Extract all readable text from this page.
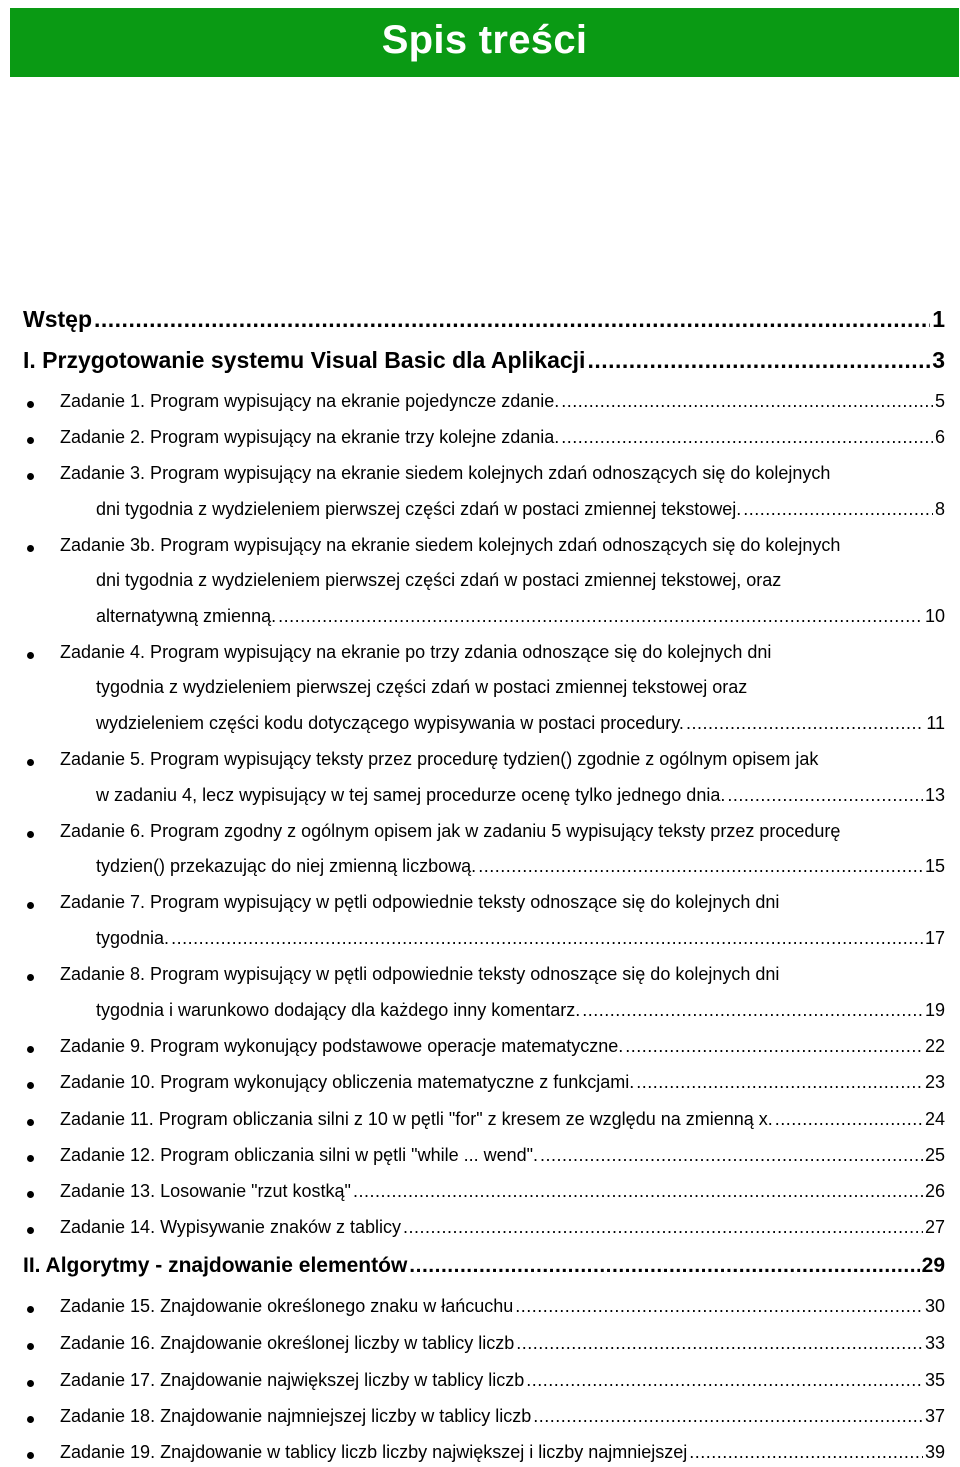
Spis treści
Wstęp .....	1
I. Przygotowanie systemu Visual Basic dla Aplikacji .....	3
Zadanie 1. Program wypisujący na ekranie pojedyncze zdanie. .....	5
Zadanie 2. Program wypisujący na ekranie trzy kolejne zdania. .....	6
Zadanie 3. Program wypisujący na ekranie siedem kolejnych zdań odnoszących się do kolejnych
dni tygodnia z wydzieleniem pierwszej części zdań w postaci zmiennej tekstowej. .....	8
Zadanie 3b. Program wypisujący na ekranie siedem kolejnych zdań odnoszących się do kolejnych
dni tygodnia z wydzieleniem pierwszej części zdań w postaci zmiennej tekstowej, oraz
alternatywną zmienną. .....	10
Zadanie 4. Program wypisujący na ekranie po trzy zdania odnoszące się do kolejnych dni
tygodnia z wydzieleniem pierwszej części zdań w postaci zmiennej tekstowej oraz
wydzieleniem części kodu dotyczącego wypisywania w postaci procedury. .....	11
Zadanie 5. Program wypisujący teksty przez procedurę tydzien() zgodnie z ogólnym opisem jak
w zadaniu 4, lecz wypisujący w tej samej procedurze ocenę tylko jednego dnia. .....	13
Zadanie 6. Program zgodny z ogólnym opisem jak w zadaniu 5 wypisujący teksty przez procedurę
tydzien() przekazując do niej zmienną liczbową. .....	15
Zadanie 7. Program wypisujący w pętli odpowiednie teksty odnoszące się do kolejnych dni
tygodnia. .....	17
Zadanie 8. Program wypisujący w pętli odpowiednie teksty odnoszące się do kolejnych dni
tygodnia i warunkowo dodający dla każdego inny komentarz. .....	19
Zadanie 9. Program wykonujący podstawowe operacje matematyczne. .....	22
Zadanie 10. Program wykonujący obliczenia matematyczne z funkcjami. .....	23
Zadanie 11. Program obliczania silni z 10 w pętli "for" z kresem ze względu na zmienną x. .....	24
Zadanie 12. Program obliczania silni w pętli "while ... wend". .....	25
Zadanie 13. Losowanie "rzut kostką" .....	26
Zadanie 14. Wypisywanie znaków z tablicy .....	27
II. Algorytmy - znajdowanie elementów .....	29
Zadanie 15. Znajdowanie określonego znaku w łańcuchu .....	30
Zadanie 16. Znajdowanie określonej liczby w tablicy liczb .....	33
Zadanie 17. Znajdowanie największej liczby w tablicy liczb .....	35
Zadanie 18. Znajdowanie najmniejszej liczby w tablicy liczb .....	37
Zadanie 19. Znajdowanie w tablicy liczb liczby największej i liczby najmniejszej .....	39
